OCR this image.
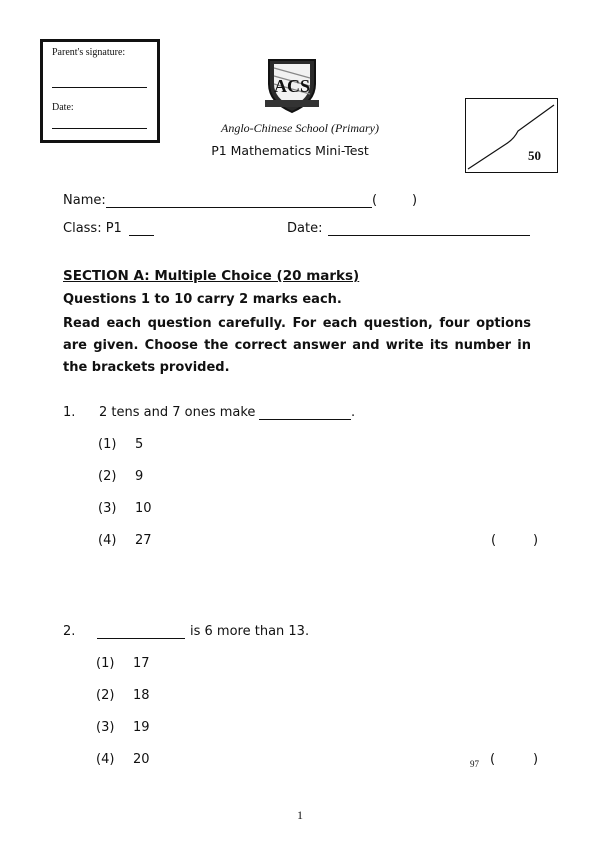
Parent's signature:
Date:
ACS
Anglo-Chinese School (Primary)
P1 Mathematics Mini-Test	50
Name:	(	)
Class: P1	Date:
SECTION A: Multiple Choice (20 marks)
Questions 1 to 10 carry 2 marks each.
Read each question carefully. For each question, four options are given. Choose the correct answer and write its number in the brackets provided.
1. 2 tens and 7 ones make	.
(1) 5
(2) 9
(3) 10
(4) 27	(	)
2.	is 6 more than 13.
(1) 17
(2) 18
(3) 19
(4) 20	97 (	)
1
